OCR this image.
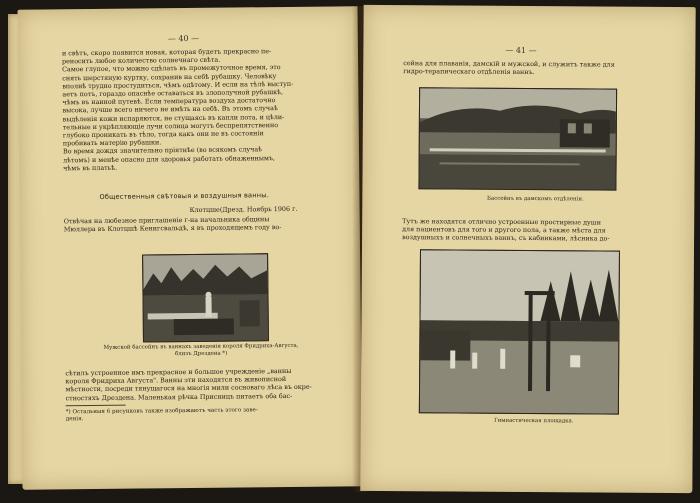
— 40 —

и свѣтъ, скоро появится новая, которая будетъ прекрасно пе-

реносить любое количество солнечнаго свѣта.

Самое глупое, что можно сдѣлать въ промежуточное время, это

снять шерстяную куртку, сохранив на себѣ рубашку. Человѣку

вполнѣ трудно простудиться, чѣмъ одѣтому. И если на тѣлѣ выступ-

аетъ потъ, гораздо опаснѣе оставаться въ злополучной рубашкѣ,

чѣмъ въ наиной путевѣ. Если температура воздуха достаточно

высока, лучше всего ничего не имѣть на себѣ. Въ этомъ случаѣ

выдѣленія кожи испаряются, не стущаясь въ капли пота, и цѣли-

тельные и укрѣпляющіе лучи солнца могутъ беспрепятственно

глубоко проникать въ тѣло, тогда какъ они не въ состояніи

пробивать матерію рубашки.

Во время дождя значительно пріятнѣе (во всякомъ случаѣ

лѣтомъ) и менѣе опасно для здоровья работать обнаженнымъ,

чѣмъ въ платьѣ.

Общественныя свѣтовыя и воздушныя ванны.
Клотцше(Дрезд. Ноябрь 1906 г.

Отвѣчая на любезное приглашеніе г-на начальника общины

Мюллера въ Клотцшѣ Кенигсвальдѣ, я въ проходящемъ году во-

Мужской бассейнъ въ ваннахъ заведенія короля Фридриха-Августа,
близъ Дрездена *)

сѣтилъ устроенное имъ прекрасное и большое учрежденіе „ванны

короля Фридриха Августа". Ванны эти находятся въ живописной

мѣстности, посреди тянущагося на многія мили сосноваго лѣса въ окре-

стностяхъ Дрездена. Маленькая рѣчка Присницъ питаетъ оба бас-

*) Остальныя 6 рисунковъ также изображаютъ часть этого заве-
денія.
— 41 —

сейна для плаванія, дамскій и мужской, и служитъ также для

гидро-терапическаго отдѣленія ваннъ.

Бассейнъ въ дамскомъ отдѣленіи.

Тутъ же находятся отлично устроенные простирные души

для пациентовъ для того и другого пола, а также мѣста для

воздушныхъ и солнечныхъ ваннъ, съ кабинками, лѣсника до-

Гимнастическая площадка.
